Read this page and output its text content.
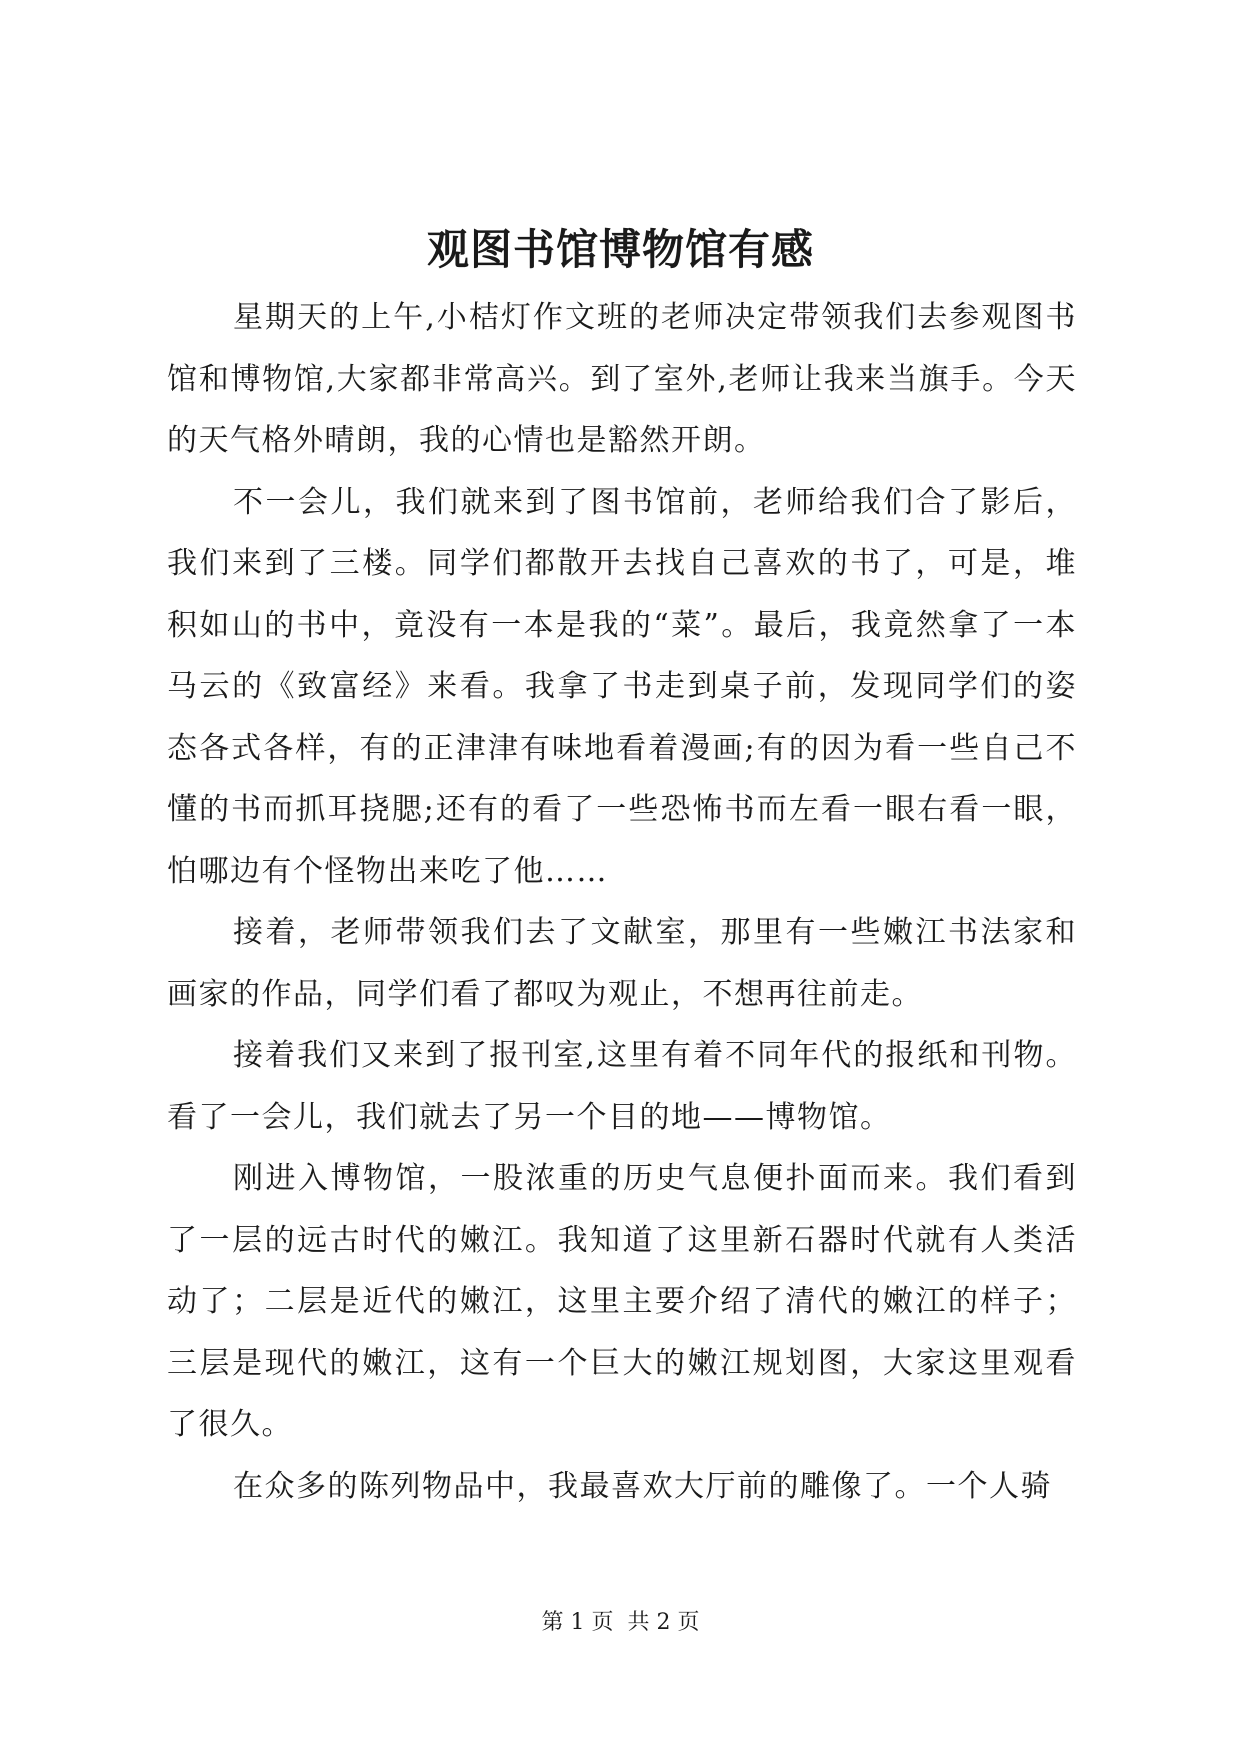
观图书馆博物馆有感

星期天的上午,小桔灯作文班的老师决定带领我们去参观图书馆和博物馆,大家都非常高兴。到了室外,老师让我来当旗手。今天的天气格外晴朗，我的心情也是豁然开朗。

不一会儿，我们就来到了图书馆前，老师给我们合了影后，我们来到了三楼。同学们都散开去找自己喜欢的书了，可是，堆积如山的书中，竟没有一本是我的“菜”。最后，我竟然拿了一本马云的《致富经》来看。我拿了书走到桌子前，发现同学们的姿态各式各样，有的正津津有味地看着漫画;有的因为看一些自己不懂的书而抓耳挠腮;还有的看了一些恐怖书而左看一眼右看一眼，怕哪边有个怪物出来吃了他……

接着，老师带领我们去了文献室，那里有一些嫩江书法家和画家的作品，同学们看了都叹为观止，不想再往前走。

接着我们又来到了报刊室,这里有着不同年代的报纸和刊物。看了一会儿，我们就去了另一个目的地——博物馆。

刚进入博物馆，一股浓重的历史气息便扑面而来。我们看到了一层的远古时代的嫩江。我知道了这里新石器时代就有人类活动了；二层是近代的嫩江，这里主要介绍了清代的嫩江的样子；三层是现代的嫩江，这有一个巨大的嫩江规划图，大家这里观看了很久。

在众多的陈列物品中，我最喜欢大厅前的雕像了。一个人骑

第 1 页  共 2 页
